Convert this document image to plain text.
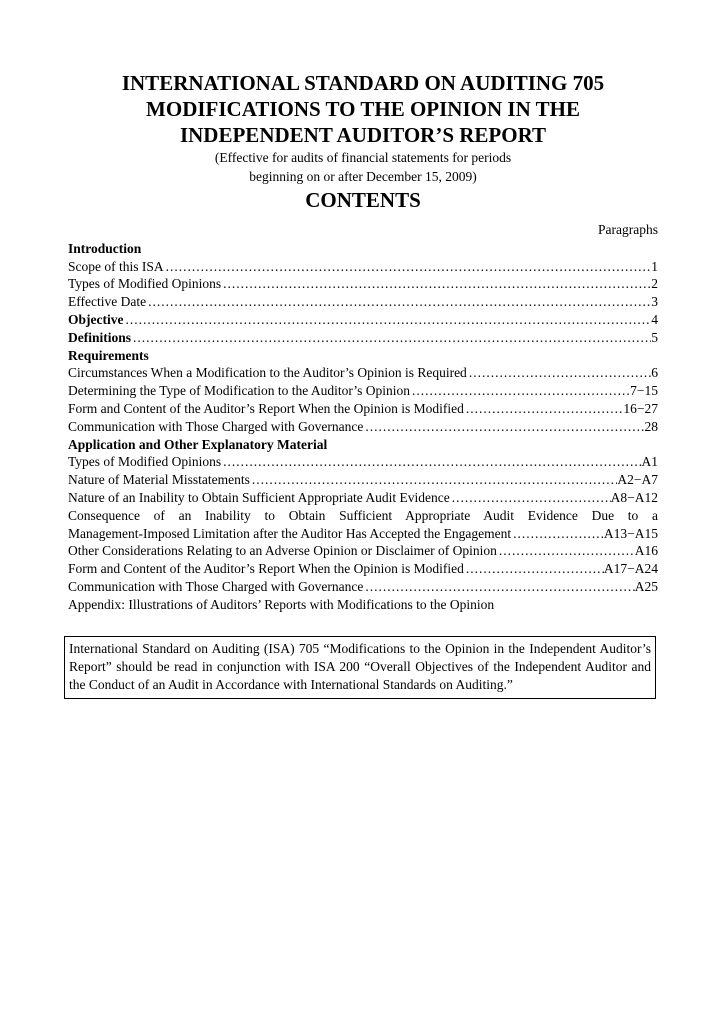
INTERNATIONAL STANDARD ON AUDITING 705
MODIFICATIONS TO THE OPINION IN THE
INDEPENDENT AUDITOR’S REPORT
(Effective for audits of financial statements for periods
beginning on or after December 15, 2009)
CONTENTS
Paragraphs

Introduction
Scope of this ISA .....	1
Types of Modified Opinions .....	2
Effective Date .....	3
Objective .....	4
Definitions .....	5
Requirements
Circumstances When a Modification to the Auditor’s Opinion is Required .....	6
Determining the Type of Modification to the Auditor’s Opinion .....	7−15
Form and Content of the Auditor’s Report When the Opinion is Modified .....	16−27
Communication with Those Charged with Governance .....	28
Application and Other Explanatory Material
Types of Modified Opinions .....	A1
Nature of Material Misstatements .....	A2−A7
Nature of an Inability to Obtain Sufficient Appropriate Audit Evidence .....	A8−A12
Consequence of an Inability to Obtain Sufficient Appropriate Audit Evidence Due to a
Management-Imposed Limitation after the Auditor Has Accepted the Engagement .....	A13−A15
Other Considerations Relating to an Adverse Opinion or Disclaimer of Opinion .....	A16
Form and Content of the Auditor’s Report When the Opinion is Modified .....	A17−A24
Communication with Those Charged with Governance .....	A25
Appendix: Illustrations of Auditors’ Reports with Modifications to the Opinion
International Standard on Auditing (ISA) 705 “Modifications to the Opinion in the Independent Auditor’s Report” should be read in conjunction with ISA 200 “Overall Objectives of the Independent Auditor and the Conduct of an Audit in Accordance with International Standards on Auditing.”
